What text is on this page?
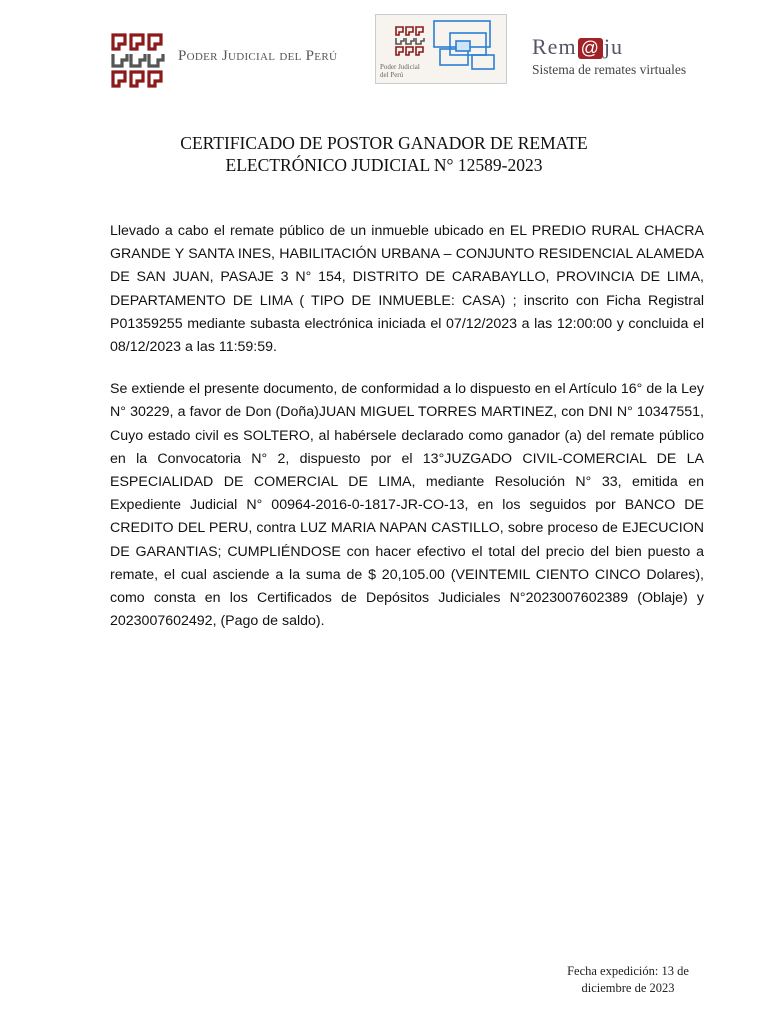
Poder Judicial del Perú
Poder Judicial del Perú
Rem @ ju
Sistema de remates virtuales
CERTIFICADO DE POSTOR GANADOR DE REMATE
ELECTRÓNICO JUDICIAL N° 12589-2023

Llevado a cabo el remate público de un inmueble ubicado en EL PREDIO RURAL CHACRA GRANDE Y SANTA INES, HABILITACIÓN URBANA – CONJUNTO RESIDENCIAL ALAMEDA DE SAN JUAN, PASAJE 3 N° 154, DISTRITO DE CARABAYLLO, PROVINCIA DE LIMA, DEPARTAMENTO DE LIMA ( TIPO DE INMUEBLE: CASA) ; inscrito con Ficha Registral P01359255 mediante subasta electrónica iniciada el 07/12/2023 a las 12:00:00 y concluida el 08/12/2023 a las 11:59:59.

Se extiende el presente documento, de conformidad a lo dispuesto en el Artículo 16° de la Ley N° 30229, a favor de Don (Doña)JUAN MIGUEL TORRES MARTINEZ, con DNI N° 10347551, Cuyo estado civil es SOLTERO, al habérsele declarado como ganador (a) del remate público en la Convocatoria N° 2, dispuesto por el 13°JUZGADO CIVIL-COMERCIAL DE LA ESPECIALIDAD DE COMERCIAL DE LIMA, mediante Resolución N° 33, emitida en Expediente Judicial N° 00964-2016-0-1817-JR-CO-13, en los seguidos por BANCO DE CREDITO DEL PERU, contra LUZ MARIA NAPAN CASTILLO, sobre proceso de EJECUCION DE GARANTIAS; CUMPLIÉNDOSE con hacer efectivo el total del precio del bien puesto a remate, el cual asciende a la suma de $ 20,105.00 (VEINTEMIL CIENTO CINCO Dolares), como consta en los Certificados de Depósitos Judiciales N°2023007602389 (Oblaje) y 2023007602492, (Pago de saldo).

Fecha expedición: 13 de
diciembre de 2023
